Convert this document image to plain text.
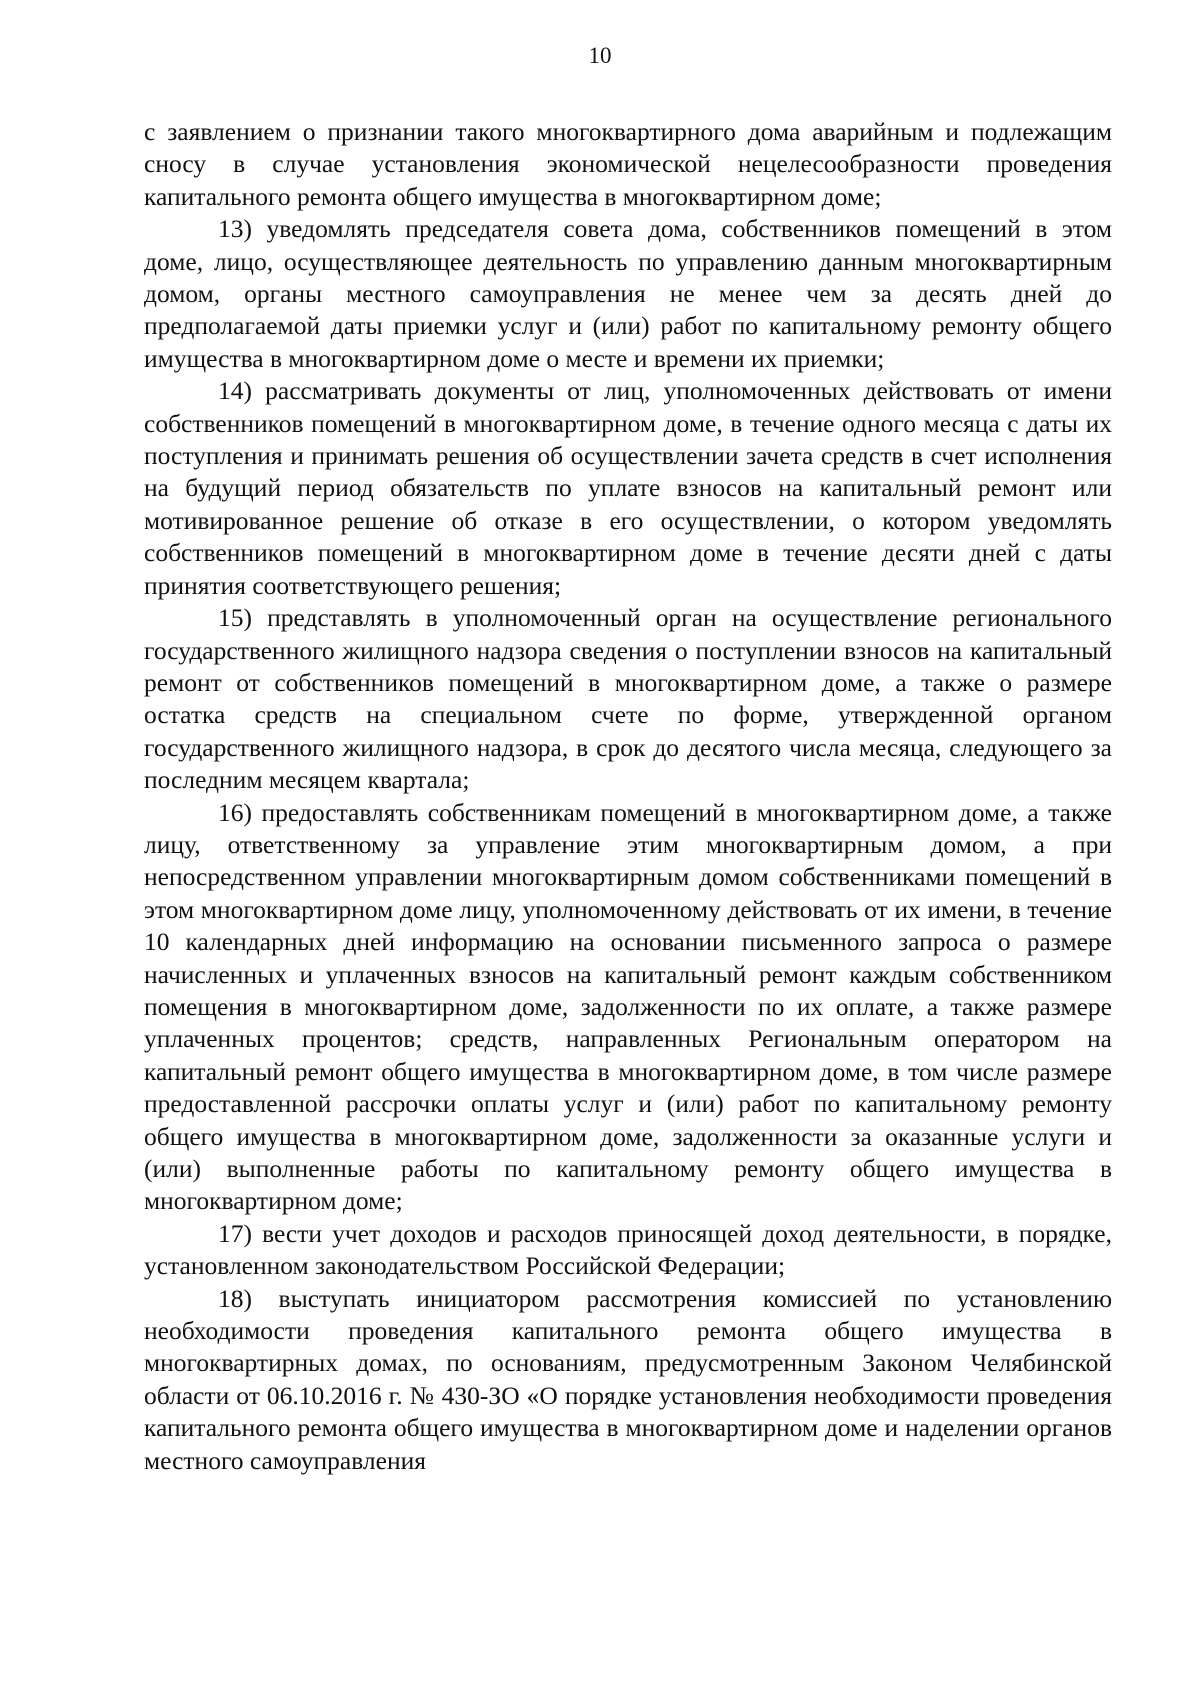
10

с заявлением о признании такого многоквартирного дома аварийным и подлежащим сносу в случае установления экономической нецелесообразности проведения капитального ремонта общего имущества в многоквартирном доме;

13) уведомлять председателя совета дома, собственников помещений в этом доме, лицо, осуществляющее деятельность по управлению данным многоквартирным домом, органы местного самоуправления не менее чем за десять дней до предполагаемой даты приемки услуг и (или) работ по капитальному ремонту общего имущества в многоквартирном доме о месте и времени их приемки;

14) рассматривать документы от лиц, уполномоченных действовать от имени собственников помещений в многоквартирном доме, в течение одного месяца с даты их поступления и принимать решения об осуществлении зачета средств в счет исполнения на будущий период обязательств по уплате взносов на капитальный ремонт или мотивированное решение об отказе в его осуществлении, о котором уведомлять собственников помещений в многоквартирном доме в течение десяти дней с даты принятия соответствующего решения;

15) представлять в уполномоченный орган на осуществление регионального государственного жилищного надзора сведения о поступлении взносов на капитальный ремонт от собственников помещений в многоквартирном доме, а также о размере остатка средств на специальном счете по форме, утвержденной органом государственного жилищного надзора, в срок до десятого числа месяца, следующего за последним месяцем квартала;

16) предоставлять собственникам помещений в многоквартирном доме, а также лицу, ответственному за управление этим многоквартирным домом, а при непосредственном управлении многоквартирным домом собственниками помещений в этом многоквартирном доме лицу, уполномоченному действовать от их имени, в течение 10 календарных дней информацию на основании письменного запроса о размере начисленных и уплаченных взносов на капитальный ремонт каждым собственником помещения в многоквартирном доме, задолженности по их оплате, а также размере уплаченных процентов; средств, направленных Региональным оператором на капитальный ремонт общего имущества в многоквартирном доме, в том числе размере предоставленной рассрочки оплаты услуг и (или) работ по капитальному ремонту общего имущества в многоквартирном доме, задолженности за оказанные услуги и (или) выполненные работы по капитальному ремонту общего имущества в многоквартирном доме;

17) вести учет доходов и расходов приносящей доход деятельности, в порядке, установленном законодательством Российской Федерации;

18) выступать инициатором рассмотрения комиссией по установлению необходимости проведения капитального ремонта общего имущества в многоквартирных домах, по основаниям, предусмотренным Законом Челябинской области от 06.10.2016 г. № 430-ЗО «О порядке установления необходимости проведения капитального ремонта общего имущества в многоквартирном доме и наделении органов местного самоуправления
